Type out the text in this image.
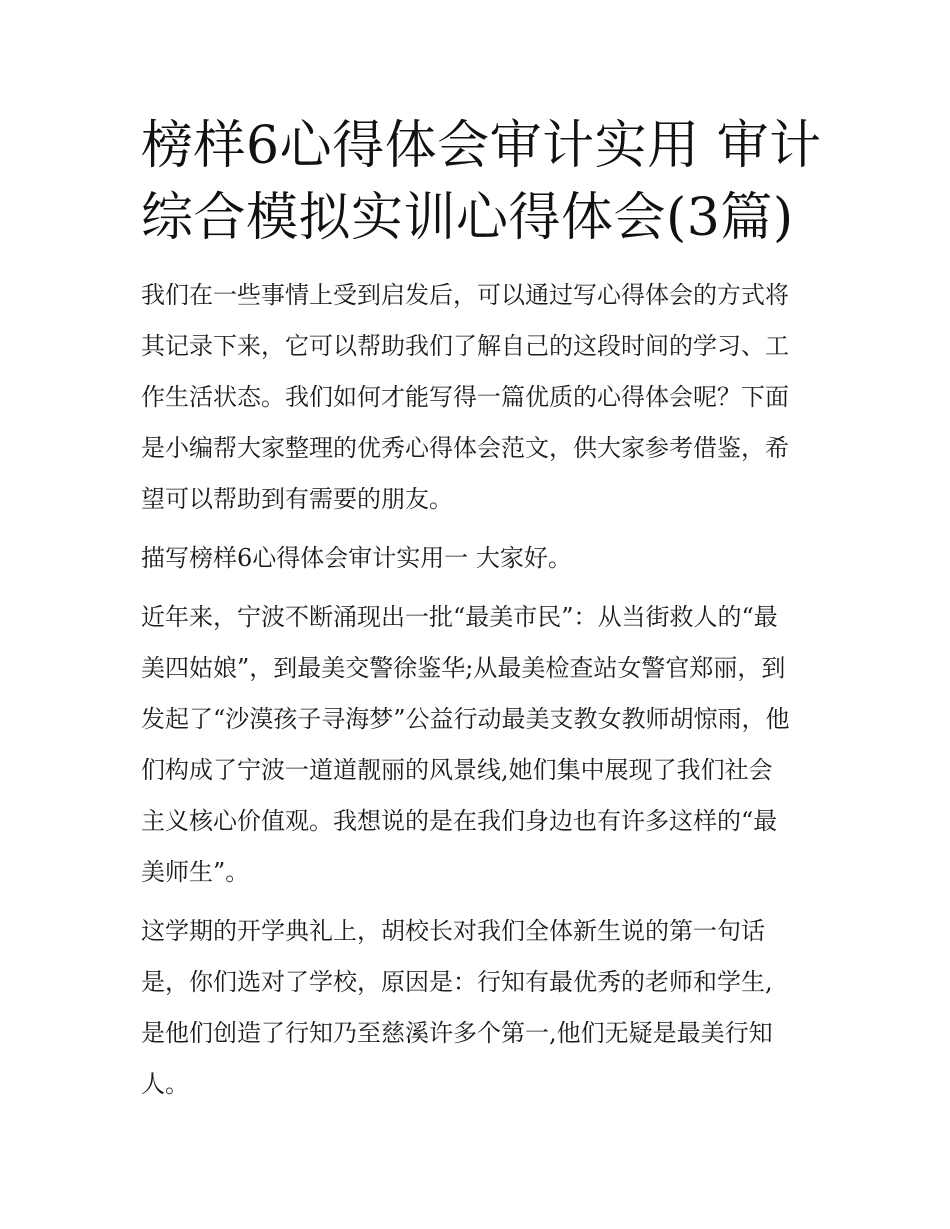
榜样6心得体会审计实用 审计
综合模拟实训心得体会(3篇)

我们在一些事情上受到启发后，可以通过写心得体会的方式将
其记录下来，它可以帮助我们了解自己的这段时间的学习、工
作生活状态。我们如何才能写得一篇优质的心得体会呢？下面
是小编帮大家整理的优秀心得体会范文，供大家参考借鉴，希
望可以帮助到有需要的朋友。

描写榜样6心得体会审计实用一 大家好。

近年来，宁波不断涌现出一批“最美市民”：从当街救人的“最
美四姑娘”，到最美交警徐鉴华;从最美检查站女警官郑丽，到
发起了“沙漠孩子寻海梦”公益行动最美支教女教师胡惊雨，他
们构成了宁波一道道靓丽的风景线,她们集中展现了我们社会
主义核心价值观。我想说的是在我们身边也有许多这样的“最
美师生”。

这学期的开学典礼上，胡校长对我们全体新生说的第一句话
是，你们选对了学校，原因是：行知有最优秀的老师和学生,
是他们创造了行知乃至慈溪许多个第一,他们无疑是最美行知
人。
